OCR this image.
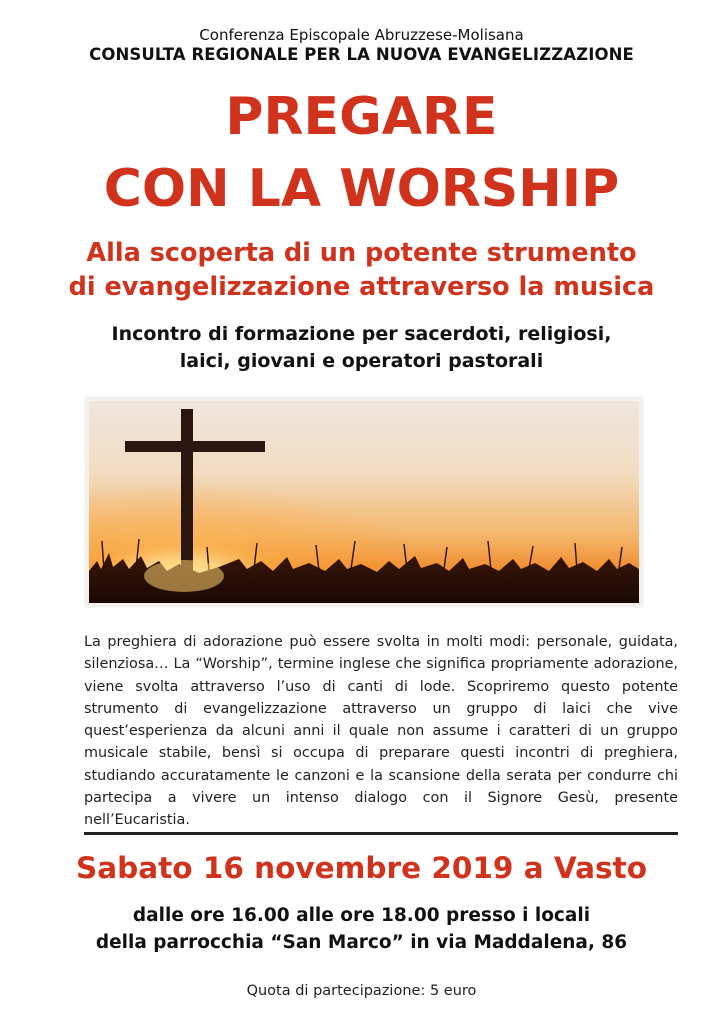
Conferenza Episcopale Abruzzese-Molisana
CONSULTA REGIONALE PER LA NUOVA EVANGELIZZAZIONE
PREGARE
CON LA WORSHIP
Alla scoperta di un potente strumento
di evangelizzazione attraverso la musica
Incontro di formazione per sacerdoti, religiosi,
laici, giovani e operatori pastorali
La preghiera di adorazione può essere svolta in molti modi: personale, guidata, silenziosa… La “Worship”, termine inglese che significa propriamente adorazione, viene svolta attraverso l’uso di canti di lode. Scopriremo questo potente strumento di evangelizzazione attraverso un gruppo di laici che vive quest’esperienza da alcuni anni il quale non assume i caratteri di un gruppo musicale stabile, bensì si occupa di preparare questi incontri di preghiera, studiando accuratamente le canzoni e la scansione della serata per condurre chi partecipa a vivere un intenso dialogo con il Signore Gesù, presente nell’Eucaristia.
Sabato 16 novembre 2019 a Vasto
dalle ore 16.00 alle ore 18.00 presso i locali
della parrocchia “San Marco” in via Maddalena, 86
Quota di partecipazione: 5 euro
